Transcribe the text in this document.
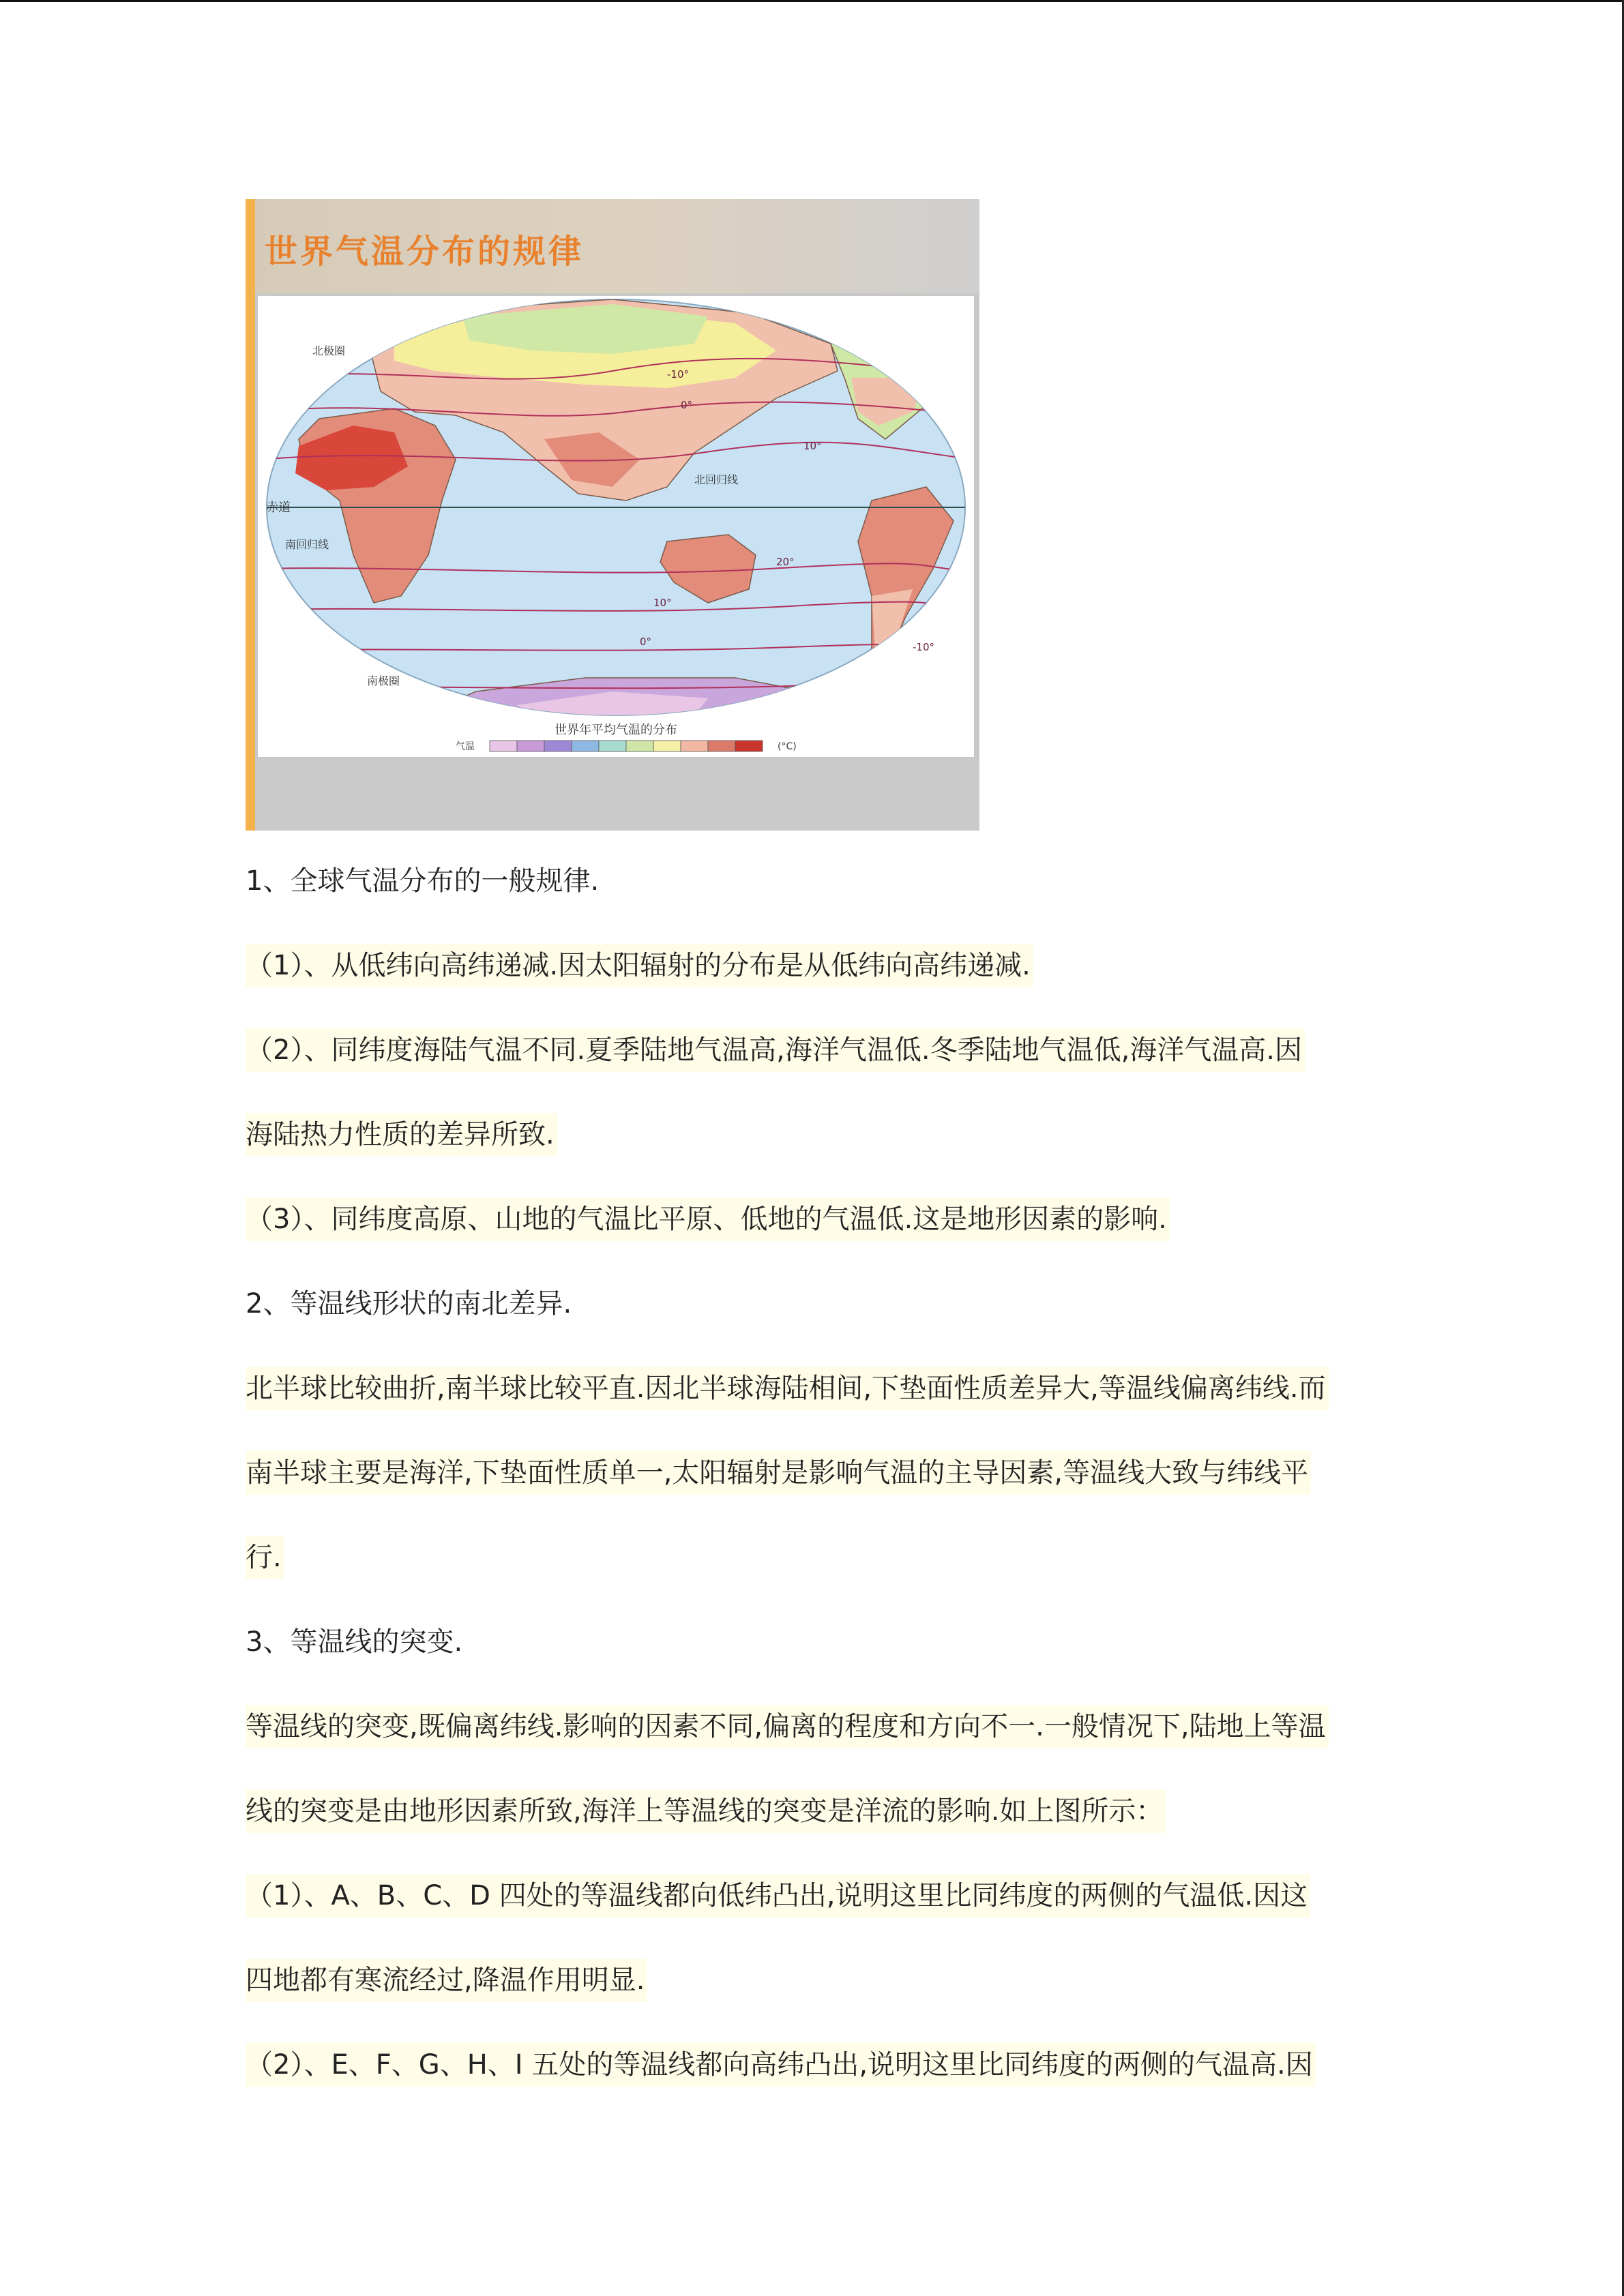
世界气温分布的规律
赤道
北回归线
南回归线
南极圈
北极圈
-10°
0°
10°
20°
10°
0°	-10°
世界年平均气温的分布
气温	(°C)
1、全球气温分布的一般规律.
（1）、从低纬向高纬递减.因太阳辐射的分布是从低纬向高纬递减.
（2）、同纬度海陆气温不同.夏季陆地气温高,海洋气温低.冬季陆地气温低,海洋气温高.因
海陆热力性质的差异所致.
（3）、同纬度高原、山地的气温比平原、低地的气温低.这是地形因素的影响.
2、等温线形状的南北差异.
北半球比较曲折,南半球比较平直.因北半球海陆相间,下垫面性质差异大,等温线偏离纬线.而
南半球主要是海洋,下垫面性质单一,太阳辐射是影响气温的主导因素,等温线大致与纬线平
行.
3、等温线的突变.
等温线的突变,既偏离纬线.影响的因素不同,偏离的程度和方向不一.一般情况下,陆地上等温
线的突变是由地形因素所致,海洋上等温线的突变是洋流的影响.如上图所示：
（1）、A、B、C、D 四处的等温线都向低纬凸出,说明这里比同纬度的两侧的气温低.因这
四地都有寒流经过,降温作用明显.
（2）、E、F、G、H、I 五处的等温线都向高纬凸出,说明这里比同纬度的两侧的气温高.因
